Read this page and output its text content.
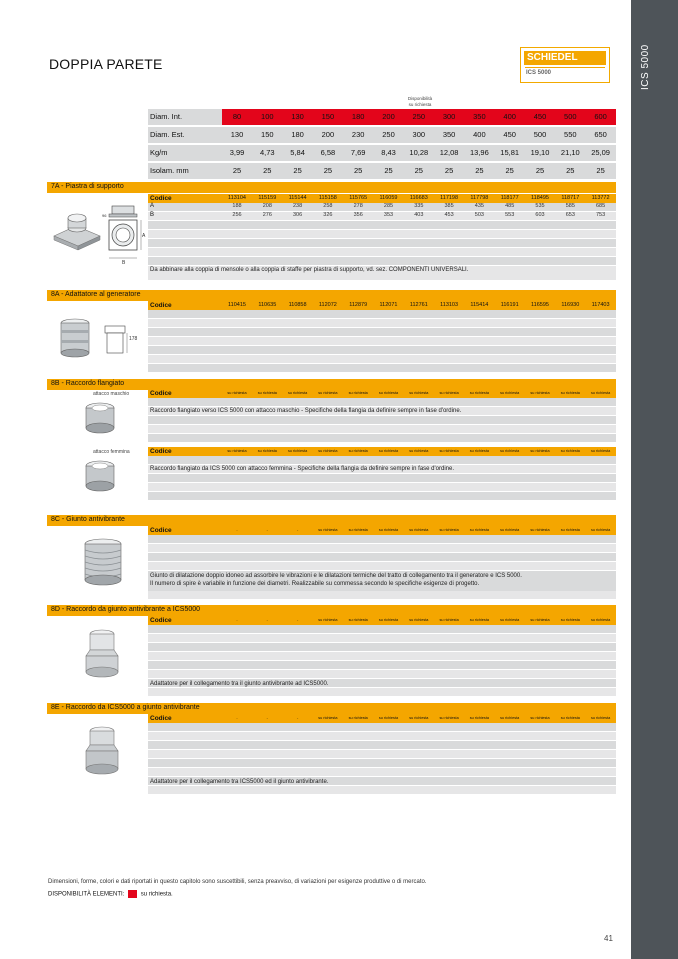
ICS 5000
DOPPIA PARETE	SCHIEDEL
ICS 5000
Disponibilità
su richiesta
Diam. Int.	80	100	130	150	180	200	250	300	350	400	450	500	600
Diam. Est.	130	150	180	200	230	250	300	350	400	450	500	550	650
Kg/m	3,99	4,73	5,84	6,58	7,69	8,43	10,28	12,08	13,96	15,81	19,10	21,10	25,09
Isolam. mm	25	25	25	25	25	25	25	25	25	25	25	25	25
7A - Piastra di supporto
Codice	113104	115159	115144	115158	115765	116059	116683	117198	117798	118177	118495	118717	113772
A	188	208	238	258	278	285	335	385	435	485	535	585	685
B	256	276	306	326	356	353	403	453	503	553	603	653	753
Da abbinare alla coppia di mensole o alla coppia di staffe per piastra di supporto, vd. sez. COMPONENTI UNIVERSALI.
B
A
96
8A - Adattatore al generatore
Codice	110415	110635	110858	112072	112879	112071	112761	113103	115414	116191	116595	116930	117403
178
8B - Raccordo flangiato
attacco maschio	Codice	su richiesta	su richiesta	su richiesta	su richiesta	su richiesta	su richiesta	su richiesta	su richiesta	su richiesta	su richiesta	su richiesta	su richiesta	su richiesta
Raccordo flangiato verso ICS 5000 con attacco maschio - Specifiche della flangia da definire sempre in fase d'ordine.
attacco femmina	Codice	su richiesta	su richiesta	su richiesta	su richiesta	su richiesta	su richiesta	su richiesta	su richiesta	su richiesta	su richiesta	su richiesta	su richiesta	su richiesta
Raccordo flangiato da ICS 5000 con attacco femmina - Specifiche della flangia da definire sempre in fase d'ordine.
8C - Giunto antivibrante
Codice	-	-	-	su richiesta	su richiesta	su richiesta	su richiesta	su richiesta	su richiesta	su richiesta	su richiesta	su richiesta	su richiesta
Giunto di dilatazione doppio idoneo ad assorbire le vibrazioni e le dilatazioni termiche del tratto di collegamento tra il generatore e ICS 5000.
Il numero di spire è variabile in funzione dei diametri. Realizzabile su commessa secondo le specifiche esigenze di progetto.
8D - Raccordo da giunto antivibrante a ICS5000
Codice	-	-	-	su richiesta	su richiesta	su richiesta	su richiesta	su richiesta	su richiesta	su richiesta	su richiesta	su richiesta	su richiesta
Adattatore per il collegamento tra il giunto antivibrante ad ICS5000.
8E - Raccordo da ICS5000 a giunto antivibrante
Codice	-	-	-	su richiesta	su richiesta	su richiesta	su richiesta	su richiesta	su richiesta	su richiesta	su richiesta	su richiesta	su richiesta
Adattatore per il collegamento tra ICS5000 ed il giunto antivibrante.
Dimensioni, forme, colori e dati riportati in questo capitolo sono suscettibili, senza preavviso, di variazioni per esigenze produttive o di mercato.
DISPONIBILITÀ ELEMENTI:	su richiesta.
41
